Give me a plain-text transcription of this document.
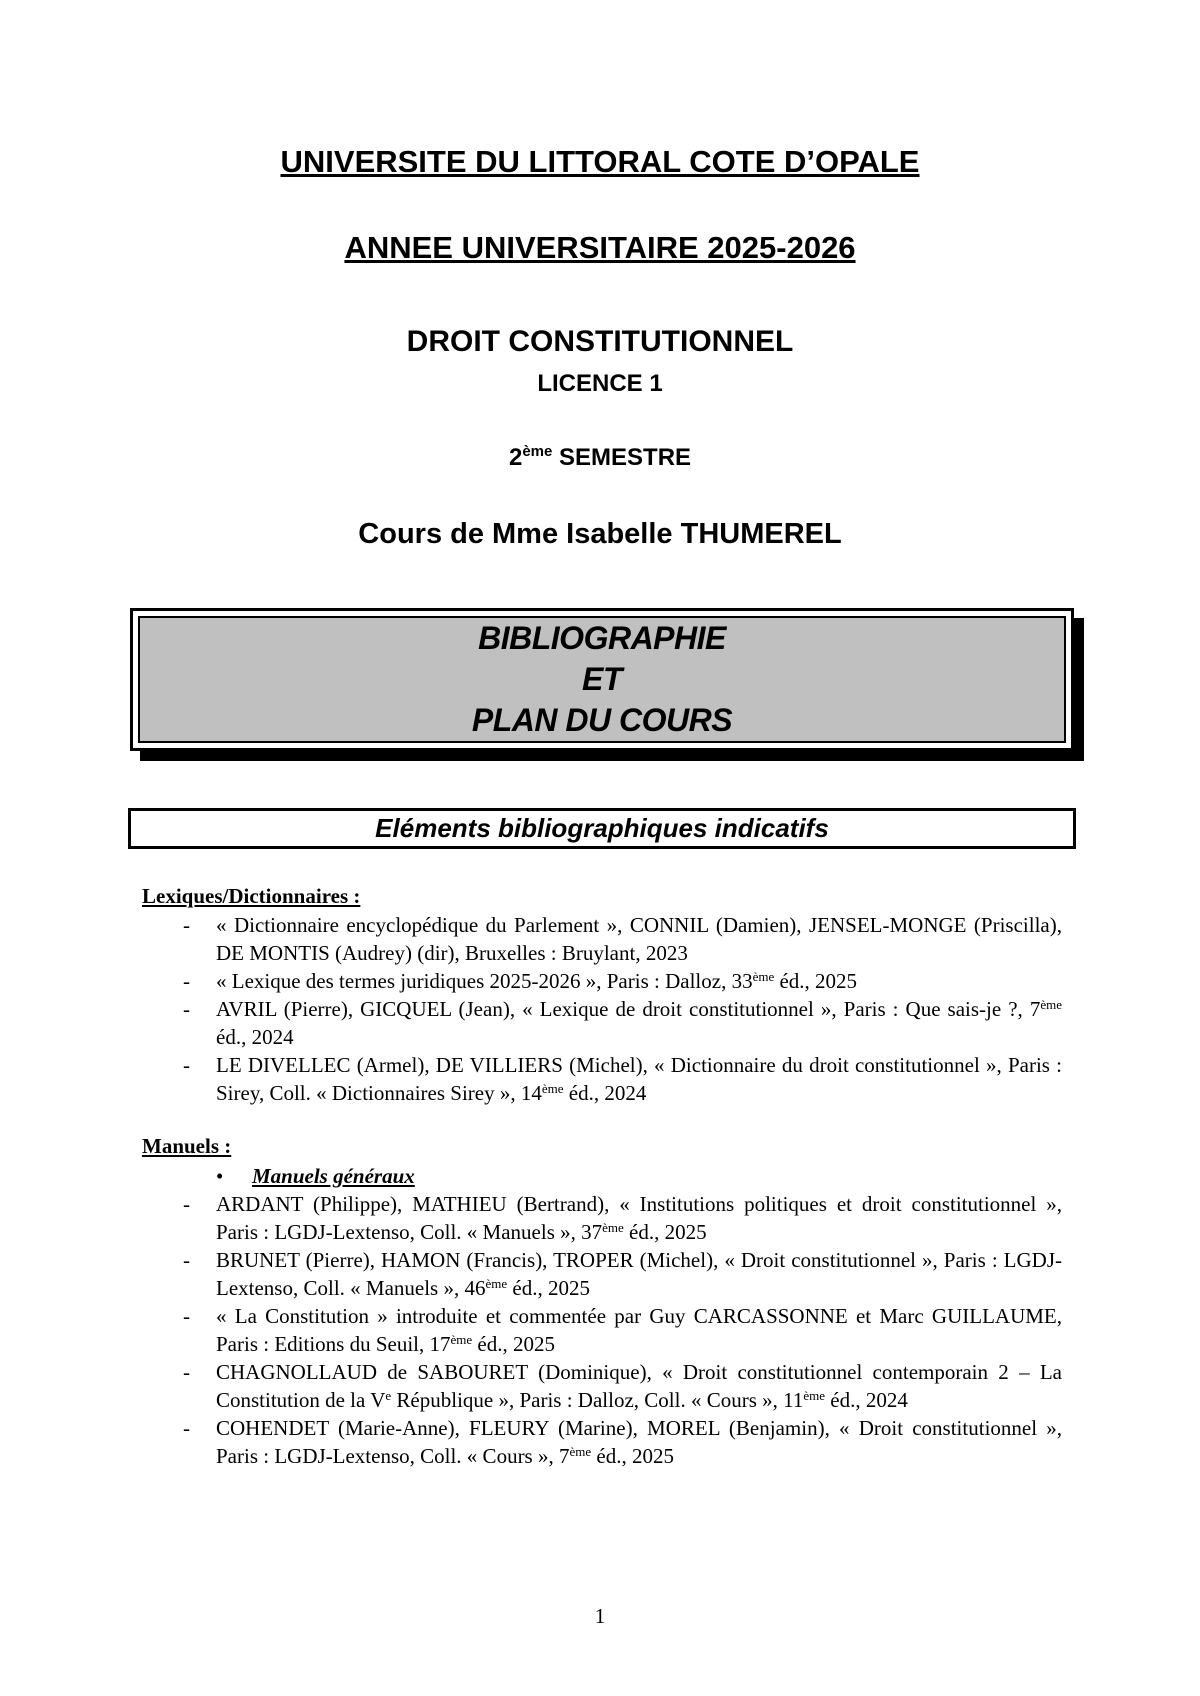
UNIVERSITE DU LITTORAL COTE D’OPALE
ANNEE UNIVERSITAIRE 2025-2026
DROIT CONSTITUTIONNEL
LICENCE 1
2ème SEMESTRE
Cours de Mme Isabelle THUMEREL
BIBLIOGRAPHIE
ET
PLAN DU COURS
Eléments bibliographiques indicatifs
Lexiques/Dictionnaires :
- « Dictionnaire encyclopédique du Parlement », CONNIL (Damien), JENSEL-MONGE (Priscilla), DE MONTIS (Audrey) (dir), Bruxelles : Bruylant, 2023
- « Lexique des termes juridiques 2025-2026 », Paris : Dalloz, 33ème éd., 2025
- AVRIL (Pierre), GICQUEL (Jean), « Lexique de droit constitutionnel », Paris : Que sais-je ?, 7ème éd., 2024
- LE DIVELLEC (Armel), DE VILLIERS (Michel), « Dictionnaire du droit constitutionnel », Paris : Sirey, Coll. « Dictionnaires Sirey », 14ème éd., 2024
Manuels :
• Manuels généraux
- ARDANT (Philippe), MATHIEU (Bertrand), « Institutions politiques et droit constitutionnel », Paris : LGDJ-Lextenso, Coll. « Manuels », 37ème éd., 2025
- BRUNET (Pierre), HAMON (Francis), TROPER (Michel), « Droit constitutionnel », Paris : LGDJ-Lextenso, Coll. « Manuels », 46ème éd., 2025
- « La Constitution » introduite et commentée par Guy CARCASSONNE et Marc GUILLAUME, Paris : Editions du Seuil, 17ème éd., 2025
- CHAGNOLLAUD de SABOURET (Dominique), « Droit constitutionnel contemporain 2 – La Constitution de la Ve République », Paris : Dalloz, Coll. « Cours », 11ème éd., 2024
- COHENDET (Marie-Anne), FLEURY (Marine), MOREL (Benjamin), « Droit constitutionnel », Paris : LGDJ-Lextenso, Coll. « Cours », 7ème éd., 2025
1
